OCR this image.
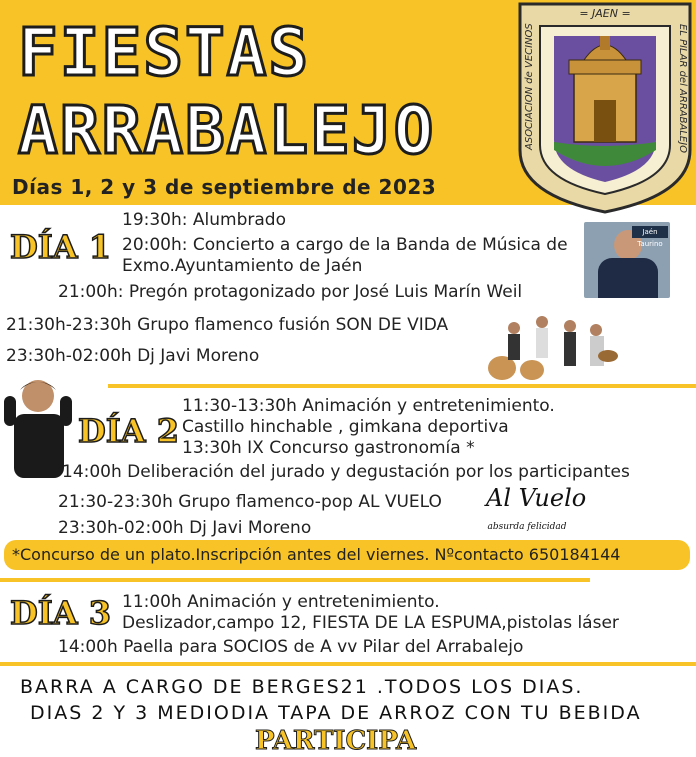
FIESTAS
ARRABALEJO
Días 1, 2 y 3 de septiembre de 2023
= JAEN =
ASOCIACION de VECINOS	EL PILAR del ARRABALEJO
DÍA 1
19:30h: Alumbrado
20:00h: Concierto a cargo de la Banda de Música de
Exmo.Ayuntamiento de Jaén
21:00h: Pregón protagonizado por José Luis Marín Weil
21:30h-23:30h Grupo flamenco fusión SON DE VIDA
23:30h-02:00h Dj Javi Moreno
Jaén Taurino
DÍA 2
11:30-13:30h Animación y entretenimiento.
Castillo hinchable , gimkana deportiva
13:30h IX Concurso gastronomía *
14:00h Deliberación del jurado y degustación por los participantes
21:30-23:30h Grupo flamenco-pop AL VUELO
23:30h-02:00h Dj Javi Moreno
Al Vuelo
absurda felicidad
*Concurso de un plato.Inscripción antes del viernes. Nºcontacto 650184144
DÍA 3 11:00h Animación y entretenimiento.
Deslizador,campo 12, FIESTA DE LA ESPUMA,pistolas láser
14:00h Paella para SOCIOS de A vv Pilar del Arrabalejo
BARRA A CARGO DE BERGES21 .TODOS LOS DIAS.
DIAS 2 Y 3 MEDIODIA TAPA DE ARROZ CON TU BEBIDA
PARTICIPA
